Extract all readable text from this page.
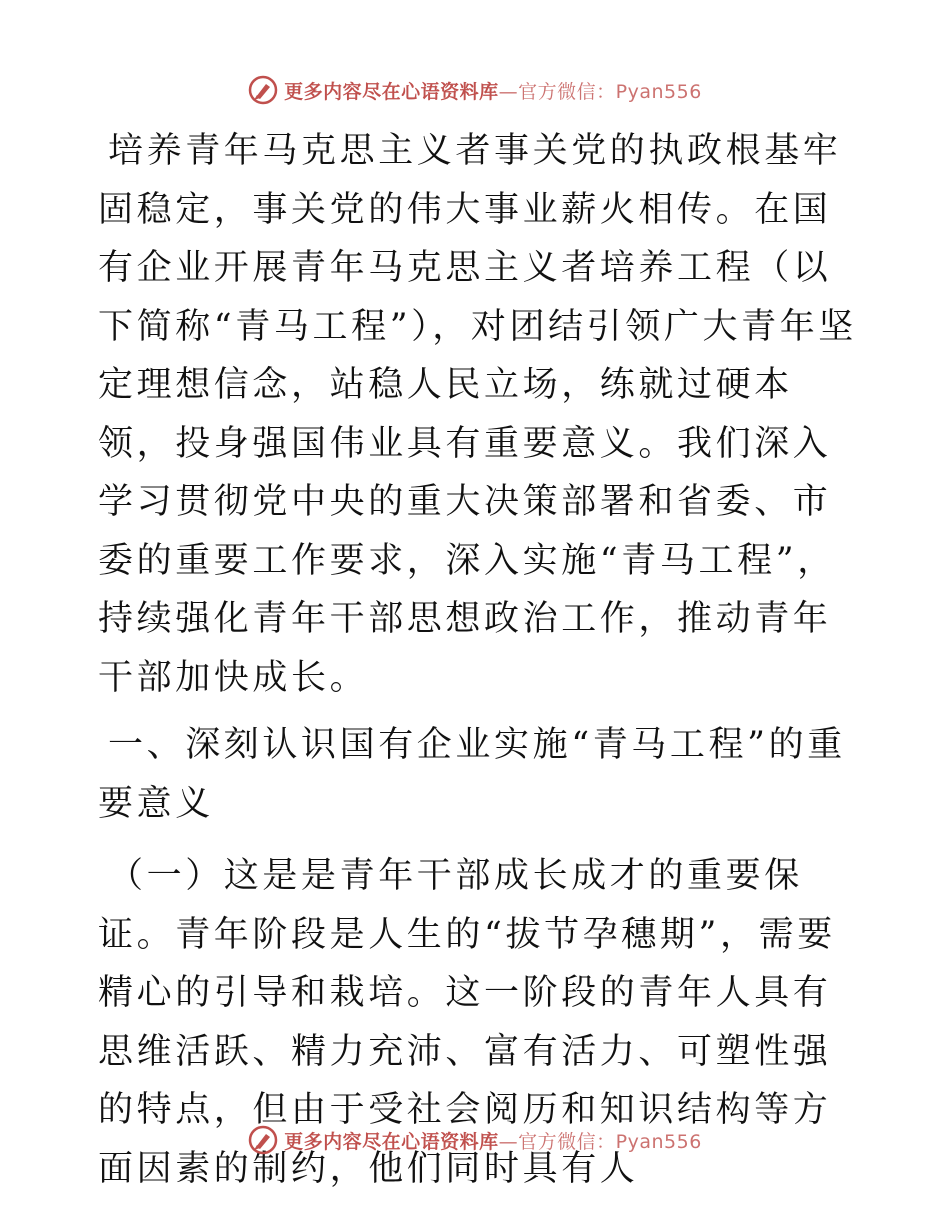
更多内容尽在心语资料库—官方微信：Pyan556

培养青年马克思主义者事关党的执政根基牢固稳定，事关党的伟大事业薪火相传。在国有企业开展青年马克思主义者培养工程（以下简称“青马工程”），对团结引领广大青年坚定理想信念，站稳人民立场，练就过硬本领，投身强国伟业具有重要意义。我们深入学习贯彻党中央的重大决策部署和省委、市委的重要工作要求，深入实施“青马工程”，持续强化青年干部思想政治工作，推动青年干部加快成长。

一、深刻认识国有企业实施“青马工程”的重要意义

（一）这是是青年干部成长成才的重要保证。青年阶段是人生的“拔节孕穗期”，需要精心的引导和栽培。这一阶段的青年人具有思维活跃、精力充沛、富有活力、可塑性强的特点，但由于受社会阅历和知识结构等方面因素的制约，他们同时具有人

更多内容尽在心语资料库—官方微信：Pyan556
